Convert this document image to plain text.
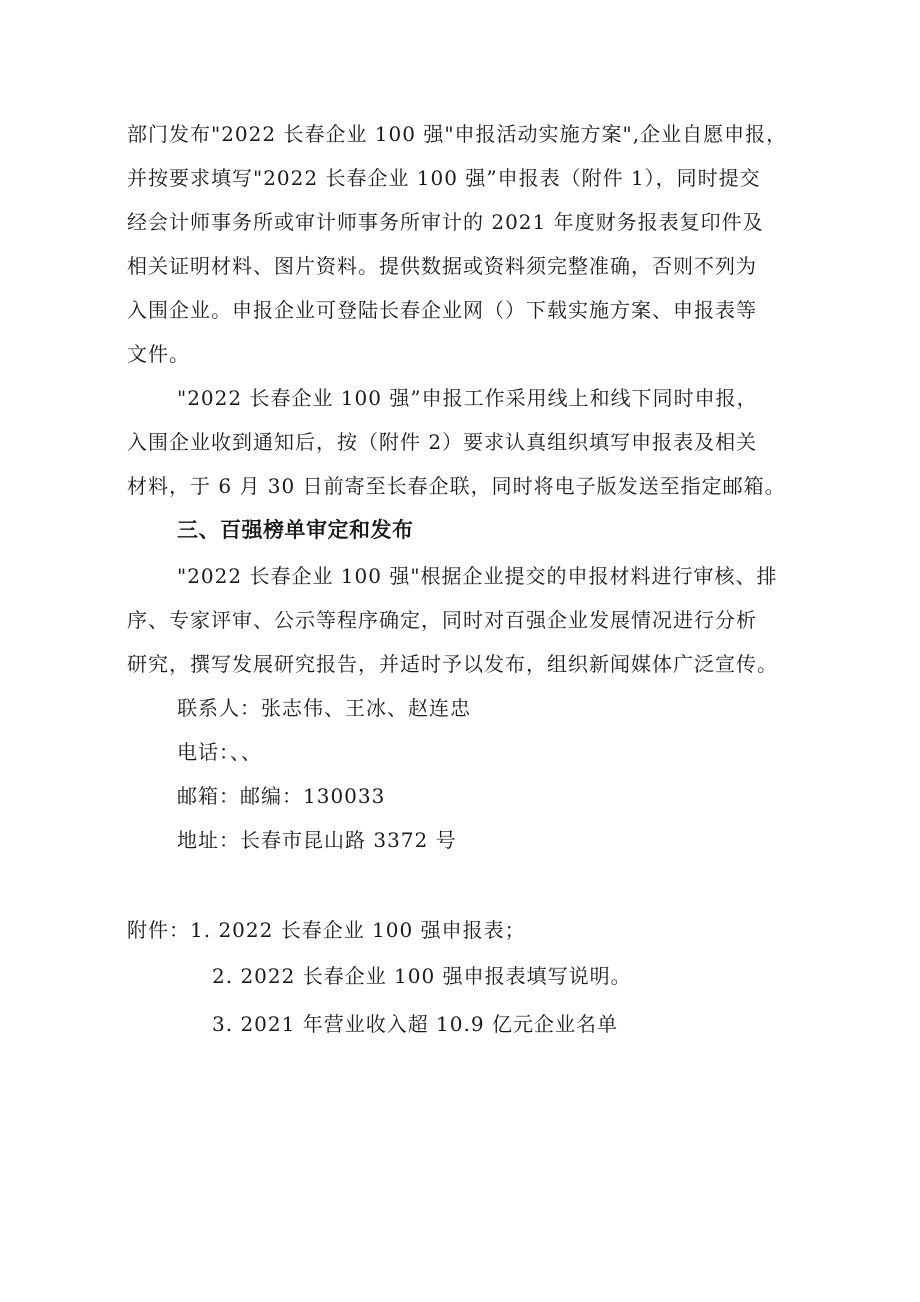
部门发布"2022 长春企业 100 强"申报活动实施方案",企业自愿申报，

并按要求填写"2022 长春企业 100 强”申报表（附件 1），同时提交

经会计师事务所或审计师事务所审计的 2021 年度财务报表复印件及

相关证明材料、图片资料。提供数据或资料须完整准确，否则不列为

入围企业。申报企业可登陆长春企业网（）下载实施方案、申报表等

文件。

"2022 长春企业 100 强”申报工作采用线上和线下同时申报，

入围企业收到通知后，按（附件 2）要求认真组织填写申报表及相关

材料，于 6 月 30 日前寄至长春企联，同时将电子版发送至指定邮箱。

三、百强榜单审定和发布

"2022 长春企业 100 强"根据企业提交的申报材料进行审核、排

序、专家评审、公示等程序确定，同时对百强企业发展情况进行分析

研究，撰写发展研究报告，并适时予以发布，组织新闻媒体广泛宣传。

联系人：张志伟、王冰、赵连忠

电话：、、

邮箱：邮编：130033

地址：长春市昆山路 3372 号

附件：1. 2022 长春企业 100 强申报表；

2. 2022 长春企业 100 强申报表填写说明。

3. 2021 年营业收入超 10.9 亿元企业名单
